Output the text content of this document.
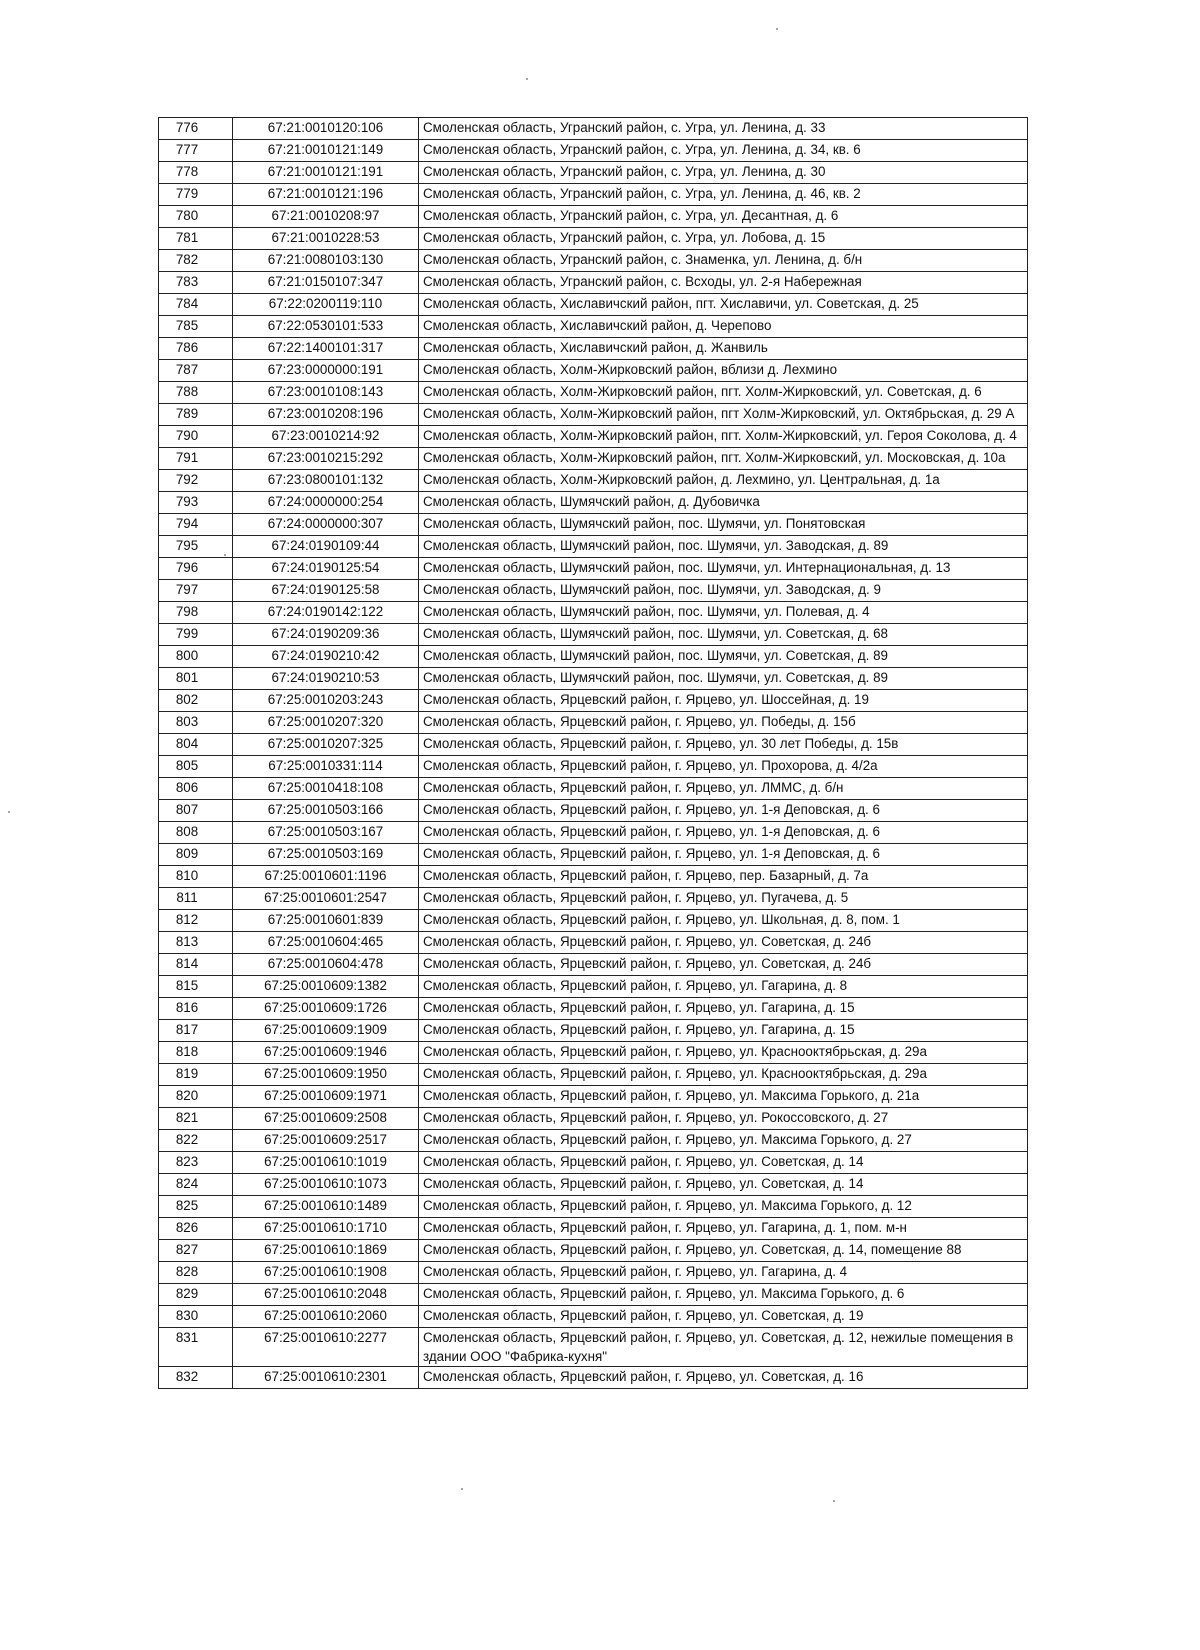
776	67:21:0010120:106	Смоленская область, Угранский район, с. Угра, ул. Ленина, д. 33
777	67:21:0010121:149	Смоленская область, Угранский район, с. Угра, ул. Ленина, д. 34, кв. 6
778	67:21:0010121:191	Смоленская область, Угранский район, с. Угра, ул. Ленина, д. 30
779	67:21:0010121:196	Смоленская область, Угранский район, с. Угра, ул. Ленина, д. 46, кв. 2
780	67:21:0010208:97	Смоленская область, Угранский район, с. Угра, ул. Десантная, д. 6
781	67:21:0010228:53	Смоленская область, Угранский район, с. Угра, ул. Лобова, д. 15
782	67:21:0080103:130	Смоленская область, Угранский район, с. Знаменка, ул. Ленина, д. б/н
783	67:21:0150107:347	Смоленская область, Угранский район, с. Всходы, ул. 2-я Набережная
784	67:22:0200119:110	Смоленская область, Хиславичский район, пгт. Хиславичи, ул. Советская, д. 25
785	67:22:0530101:533	Смоленская область, Хиславичский район, д. Черепово
786	67:22:1400101:317	Смоленская область, Хиславичский район, д. Жанвиль
787	67:23:0000000:191	Смоленская область, Холм-Жирковский район, вблизи д. Лехмино
788	67:23:0010108:143	Смоленская область, Холм-Жирковский район, пгт. Холм-Жирковский, ул. Советская, д. 6
789	67:23:0010208:196	Смоленская область, Холм-Жирковский район, пгт Холм-Жирковский, ул. Октябрьская, д. 29 А
790	67:23:0010214:92	Смоленская область, Холм-Жирковский район, пгт. Холм-Жирковский, ул. Героя Соколова, д. 4
791	67:23:0010215:292	Смоленская область, Холм-Жирковский район, пгт. Холм-Жирковский, ул. Московская, д. 10а
792	67:23:0800101:132	Смоленская область, Холм-Жирковский район, д. Лехмино, ул. Центральная, д. 1а
793	67:24:0000000:254	Смоленская область, Шумячский район, д. Дубовичка
794	67:24:0000000:307	Смоленская область, Шумячский район, пос. Шумячи, ул. Понятовская
795	67:24:0190109:44	Смоленская область, Шумячский район, пос. Шумячи, ул. Заводская, д. 89
796	67:24:0190125:54	Смоленская область, Шумячский район, пос. Шумячи, ул. Интернациональная, д. 13
797	67:24:0190125:58	Смоленская область, Шумячский район, пос. Шумячи, ул. Заводская, д. 9
798	67:24:0190142:122	Смоленская область, Шумячский район, пос. Шумячи, ул. Полевая, д. 4
799	67:24:0190209:36	Смоленская область, Шумячский район, пос. Шумячи, ул. Советская, д. 68
800	67:24:0190210:42	Смоленская область, Шумячский район, пос. Шумячи, ул. Советская, д. 89
801	67:24:0190210:53	Смоленская область, Шумячский район, пос. Шумячи, ул. Советская, д. 89
802	67:25:0010203:243	Смоленская область, Ярцевский район, г. Ярцево, ул. Шоссейная, д. 19
803	67:25:0010207:320	Смоленская область, Ярцевский район, г. Ярцево, ул. Победы, д. 15б
804	67:25:0010207:325	Смоленская область, Ярцевский район, г. Ярцево, ул. 30 лет Победы, д. 15в
805	67:25:0010331:114	Смоленская область, Ярцевский район, г. Ярцево, ул. Прохорова, д. 4/2а
806	67:25:0010418:108	Смоленская область, Ярцевский район, г. Ярцево, ул. ЛММС, д. б/н
807	67:25:0010503:166	Смоленская область, Ярцевский район, г. Ярцево, ул. 1-я Деповская, д. 6
808	67:25:0010503:167	Смоленская область, Ярцевский район, г. Ярцево, ул. 1-я Деповская, д. 6
809	67:25:0010503:169	Смоленская область, Ярцевский район, г. Ярцево, ул. 1-я Деповская, д. 6
810	67:25:0010601:1196	Смоленская область, Ярцевский район, г. Ярцево, пер. Базарный, д. 7а
811	67:25:0010601:2547	Смоленская область, Ярцевский район, г. Ярцево, ул. Пугачева, д. 5
812	67:25:0010601:839	Смоленская область, Ярцевский район, г. Ярцево, ул. Школьная, д. 8, пом. 1
813	67:25:0010604:465	Смоленская область, Ярцевский район, г. Ярцево, ул. Советская, д. 24б
814	67:25:0010604:478	Смоленская область, Ярцевский район, г. Ярцево, ул. Советская, д. 24б
815	67:25:0010609:1382	Смоленская область, Ярцевский район, г. Ярцево, ул. Гагарина, д. 8
816	67:25:0010609:1726	Смоленская область, Ярцевский район, г. Ярцево, ул. Гагарина, д. 15
817	67:25:0010609:1909	Смоленская область, Ярцевский район, г. Ярцево, ул. Гагарина, д. 15
818	67:25:0010609:1946	Смоленская область, Ярцевский район, г. Ярцево, ул. Краснооктябрьская, д. 29а
819	67:25:0010609:1950	Смоленская область, Ярцевский район, г. Ярцево, ул. Краснооктябрьская, д. 29а
820	67:25:0010609:1971	Смоленская область, Ярцевский район, г. Ярцево, ул. Максима Горького, д. 21а
821	67:25:0010609:2508	Смоленская область, Ярцевский район, г. Ярцево, ул. Рокоссовского, д. 27
822	67:25:0010609:2517	Смоленская область, Ярцевский район, г. Ярцево, ул. Максима Горького, д. 27
823	67:25:0010610:1019	Смоленская область, Ярцевский район, г. Ярцево, ул. Советская, д. 14
824	67:25:0010610:1073	Смоленская область, Ярцевский район, г. Ярцево, ул. Советская, д. 14
825	67:25:0010610:1489	Смоленская область, Ярцевский район, г. Ярцево, ул. Максима Горького, д. 12
826	67:25:0010610:1710	Смоленская область, Ярцевский район, г. Ярцево, ул. Гагарина, д. 1, пом. м-н
827	67:25:0010610:1869	Смоленская область, Ярцевский район, г. Ярцево, ул. Советская, д. 14, помещение 88
828	67:25:0010610:1908	Смоленская область, Ярцевский район, г. Ярцево, ул. Гагарина, д. 4
829	67:25:0010610:2048	Смоленская область, Ярцевский район, г. Ярцево, ул. Максима Горького, д. 6
830	67:25:0010610:2060	Смоленская область, Ярцевский район, г. Ярцево, ул. Советская, д. 19
831	67:25:0010610:2277	Смоленская область, Ярцевский район, г. Ярцево, ул. Советская, д. 12, нежилые помещения в здании ООО "Фабрика-кухня"
832	67:25:0010610:2301	Смоленская область, Ярцевский район, г. Ярцево, ул. Советская, д. 16
